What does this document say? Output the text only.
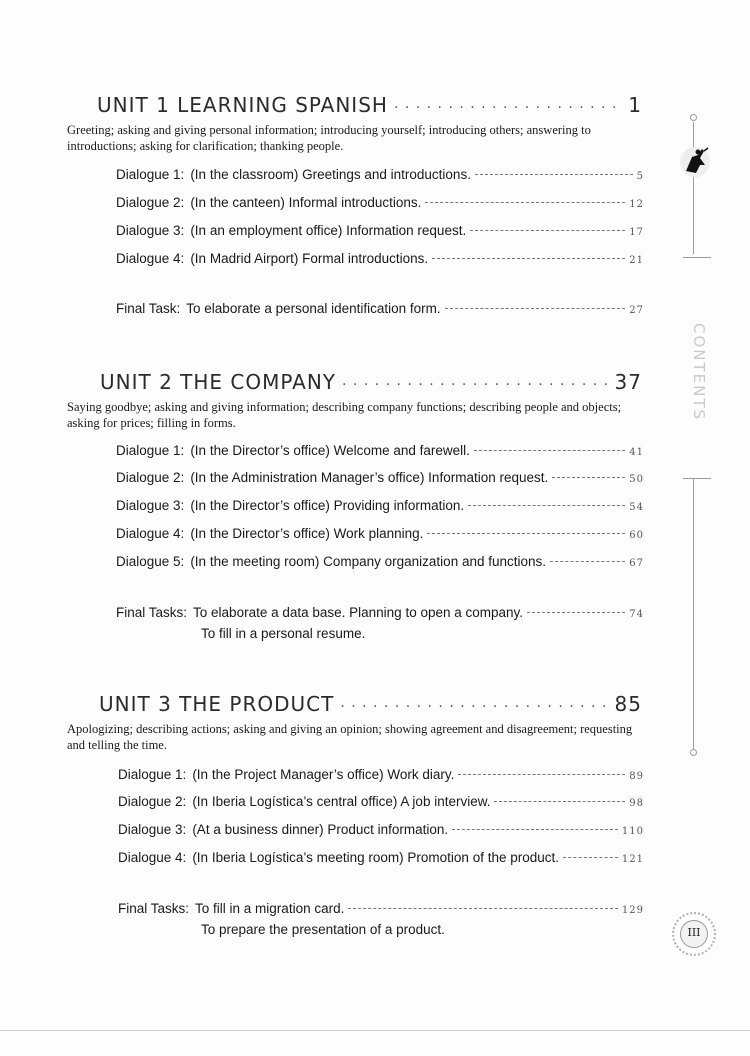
UNIT 1 LEARNING SPANISH · · ·	1
Greeting; asking and giving personal information; introducing yourself; introducing others; answering to introductions; asking for clarification; thanking people.
Dialogue 1: (In the classroom) Greetings and introductions.	5
Dialogue 2: (In the canteen) Informal introductions.	12
Dialogue 3: (In an employment office) Information request.	17
Dialogue 4: (In Madrid Airport) Formal introductions.	21
Final Task: To elaborate a personal identification form.	27
UNIT 2 THE COMPANY · · ·	37
Saying goodbye; asking and giving information; describing company functions; describing people and objects; asking for prices; filling in forms.
Dialogue 1: (In the Director’s office) Welcome and farewell.	41
Dialogue 2: (In the Administration Manager’s office) Information request.	50
Dialogue 3: (In the Director’s office) Providing information.	54
Dialogue 4: (In the Director’s office) Work planning.	60
Dialogue 5: (In the meeting room) Company organization and functions.	67
Final Tasks: To elaborate a data base. Planning to open a company.	74
To fill in a personal resume.
UNIT 3 THE PRODUCT · · ·	85
Apologizing; describing actions; asking and giving an opinion; showing agreement and disagreement; requesting and telling the time.
Dialogue 1: (In the Project Manager’s office) Work diary.	89
Dialogue 2: (In Iberia Logística’s central office) A job interview.	98
Dialogue 3: (At a business dinner) Product information.	110
Dialogue 4: (In Iberia Logística’s meeting room) Promotion of the product.	121
Final Tasks: To fill in a migration card.	129
To prepare the presentation of a product.
CONTENTS
III
